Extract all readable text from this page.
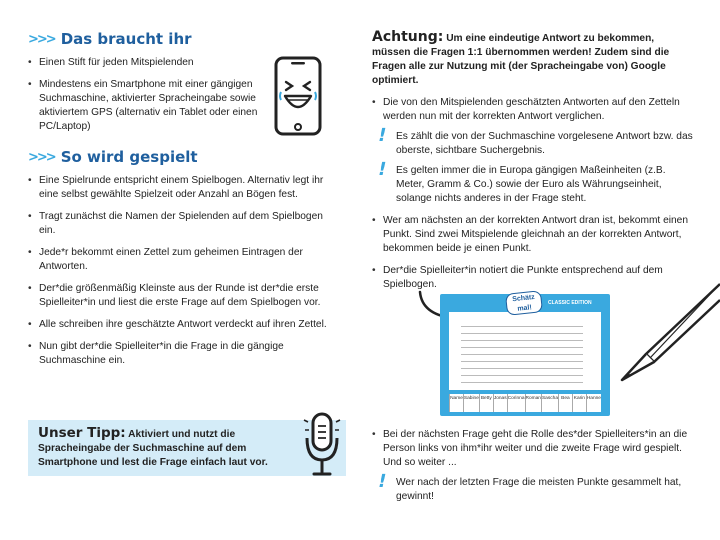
>>> Das braucht ihr
• Einen Stift für jeden Mitspielenden
• Mindestens ein Smartphone mit einer gängigen Suchmaschine, aktivierter Spracheingabe sowie aktiviertem GPS (alternativ ein Tablet oder einen PC/Laptop)
>>> So wird gespielt
• Eine Spielrunde entspricht einem Spielbogen. Alternativ legt ihr eine selbst gewählte Spielzeit oder Anzahl an Bögen fest.
• Tragt zunächst die Namen der Spielenden auf dem Spielbogen ein.
• Jede*r bekommt einen Zettel zum geheimen Eintragen der Antworten.
• Der*die größenmäßig Kleinste aus der Runde ist der*die erste Spielleiter*in und liest die erste Frage auf dem Spielbogen vor.
• Alle schreiben ihre geschätzte Antwort verdeckt auf ihren Zettel.
• Nun gibt der*die Spielleiter*in die Frage in die gängige Suchmaschine ein.
Unser Tipp: Aktiviert und nutzt die Spracheingabe der Suchmaschine auf dem Smartphone und lest die Frage einfach laut vor.
Achtung: Um eine eindeutige Antwort zu bekommen, müssen die Fragen 1:1 übernommen werden! Zudem sind die Fragen alle zur Nutzung mit (der Spracheingabe von) Google optimiert.
• Die von den Mitspielenden geschätzten Antworten auf den Zetteln werden nun mit der korrekten Antwort verglichen.
! Es zählt die von der Suchmaschine vorgelesene Antwort bzw. das oberste, sichtbare Suchergebnis.
! Es gelten immer die in Europa gängigen Maßeinheiten (z.B. Meter, Gramm & Co.) sowie der Euro als Währungseinheit, solange nichts anderes in der Frage steht.
• Wer am nächsten an der korrekten Antwort dran ist, bekommt einen Punkt. Sind zwei Mitspielende gleichnah an der korrekten Antwort, bekommen beide je einen Punkt.
• Der*die Spielleiter*in notiert die Punkte entsprechend auf dem Spielbogen.
CLASSIC EDITION
Schätz mal!
Name Sabine Betty Jonas Corinna Roman Sascha Bea Karin Hanne
• Bei der nächsten Frage geht die Rolle des*der Spielleiters*in an die Person links von ihm*ihr weiter und die zweite Frage wird gespielt. Und so weiter ...
! Wer nach der letzten Frage die meisten Punkte gesammelt hat, gewinnt!
